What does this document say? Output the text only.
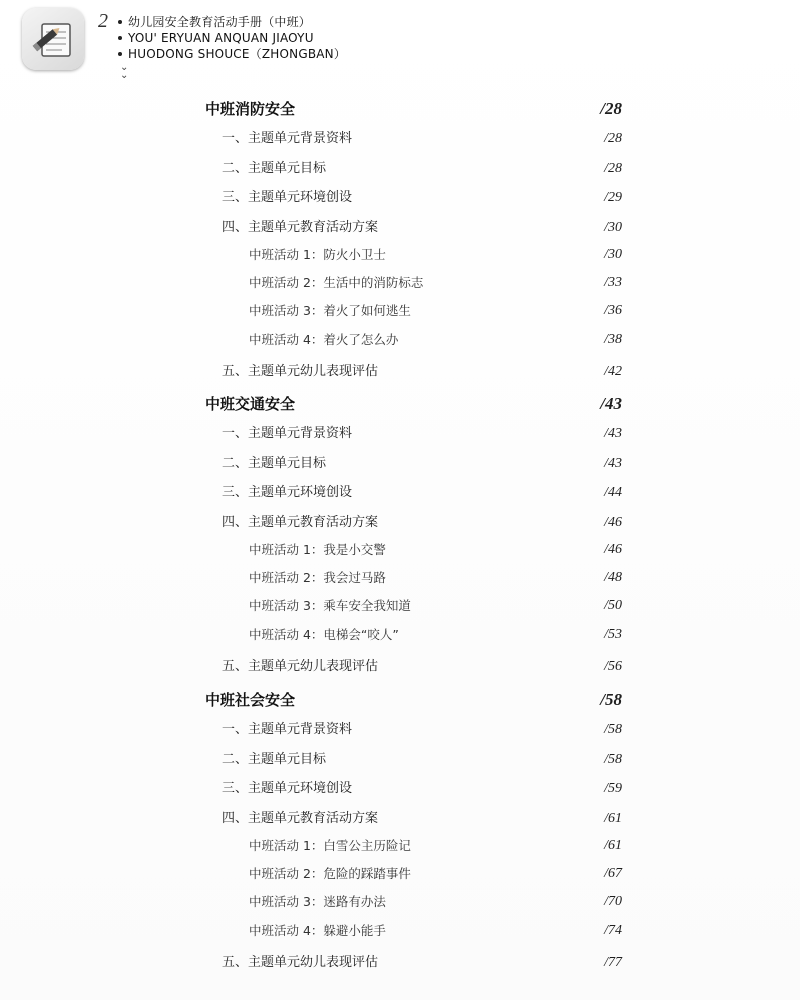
2	幼儿园安全教育活动手册（中班）
YOU' ERYUAN ANQUAN JIAOYU
HUODONG SHOUCE（ZHONGBAN）
⌄
⌄
中班消防安全	/28
一、主题单元背景资料	/28
二、主题单元目标	/28
三、主题单元环境创设	/29
四、主题单元教育活动方案	/30
中班活动 1：防火小卫士	/30
中班活动 2：生活中的消防标志	/33
中班活动 3：着火了如何逃生	/36
中班活动 4：着火了怎么办	/38
五、主题单元幼儿表现评估	/42
中班交通安全	/43
一、主题单元背景资料	/43
二、主题单元目标	/43
三、主题单元环境创设	/44
四、主题单元教育活动方案	/46
中班活动 1：我是小交警	/46
中班活动 2：我会过马路	/48
中班活动 3：乘车安全我知道	/50
中班活动 4：电梯会“咬人”	/53
五、主题单元幼儿表现评估	/56
中班社会安全	/58
一、主题单元背景资料	/58
二、主题单元目标	/58
三、主题单元环境创设	/59
四、主题单元教育活动方案	/61
中班活动 1：白雪公主历险记	/61
中班活动 2：危险的踩踏事件	/67
中班活动 3：迷路有办法	/70
中班活动 4：躲避小能手	/74
五、主题单元幼儿表现评估	/77
